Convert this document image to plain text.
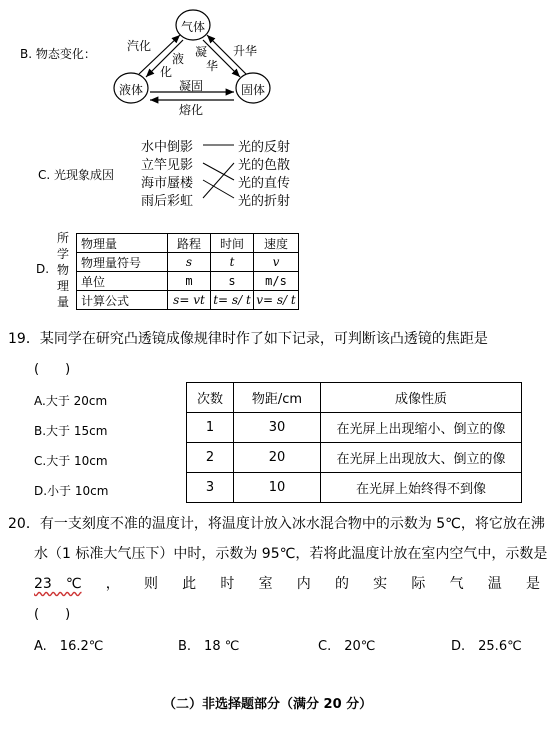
B. 物态变化：
气体
液体	固体
汽化
液
化
凝
华
升华
凝固
熔化
C. 光现象成因
水中倒影
立竿见影
海市蜃楼
雨后彩虹
光的反射
光的色散
光的直传
光的折射
D.
所
学
物
理
量
物理量	路程	时间	速度
物理量符号	s	t	v
单位	m	s	m/s
计算公式	s= vt	t= s/ t	v= s/ t
19．某同学在研究凸透镜成像规律时作了如下记录，可判断该凸透镜的焦距是
(　　)
A.大于 20cm
B.大于 15cm
C.大于 10cm
D.小于 10cm
次数	物距/cm	成像性质
1	30	在光屏上出现缩小、倒立的像
2	20	在光屏上出现放大、倒立的像
3	10	在光屏上始终得不到像
20．有一支刻度不准的温度计，将温度计放入冰水混合物中的示数为 5℃，将它放在沸
水（1 标准大气压下）中时，示数为 95℃，若将此温度计放在室内空气中，示数是
23　℃ ， 则 此 时 室 内 的 实 际 气 温 是
(　　)
A.　16.2℃	B.　18 ℃	C.　20℃	D.　25.6℃
（二）非选择题部分（满分 20 分）
